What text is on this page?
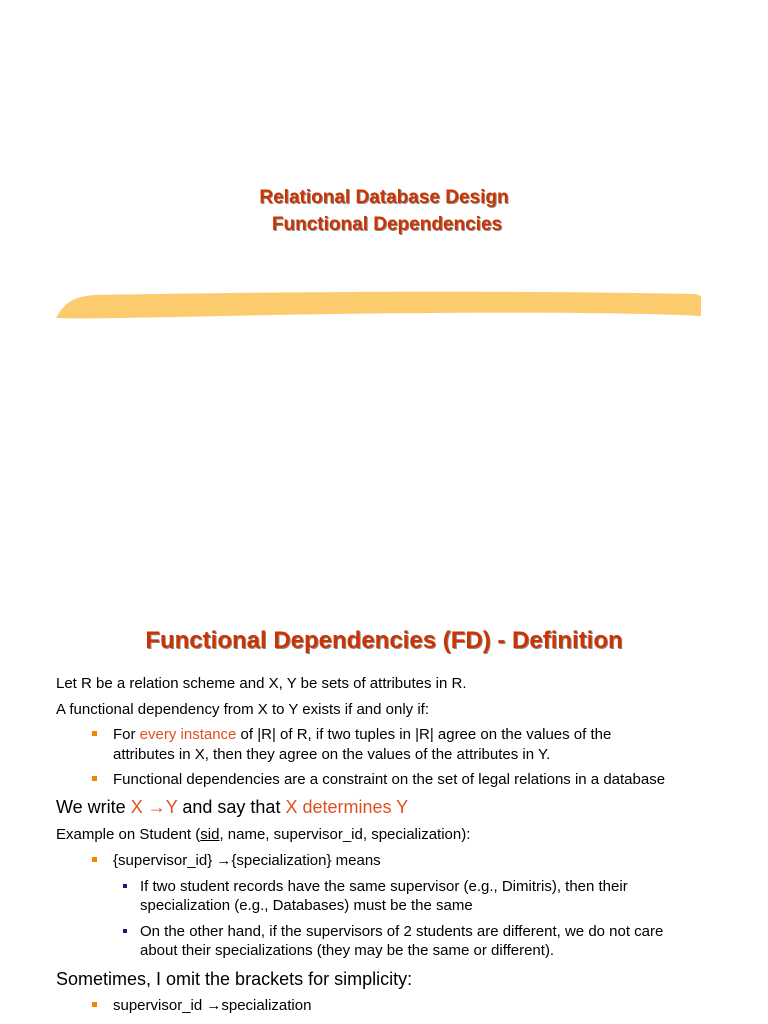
Relational Database Design
Functional Dependencies
Functional Dependencies (FD) - Definition
Let R be a relation scheme and X, Y be sets of attributes in R.
A functional dependency from X to Y exists if and only if:
For every instance of |R| of R, if two tuples in |R| agree on the values of the
attributes in X, then they agree on the values of the attributes in Y.
Functional dependencies are a constraint on the set of legal relations in a database
We write X →Y and say that X determines Y
Example on Student (sid, name, supervisor_id, specialization):
{supervisor_id} →{specialization} means
If two student records have the same supervisor (e.g., Dimitris), then their
specialization (e.g., Databases) must be the same
On the other hand, if the supervisors of 2 students are different, we do not care
about their specializations (they may be the same or different).
Sometimes, I omit the brackets for simplicity:
supervisor_id →specialization
